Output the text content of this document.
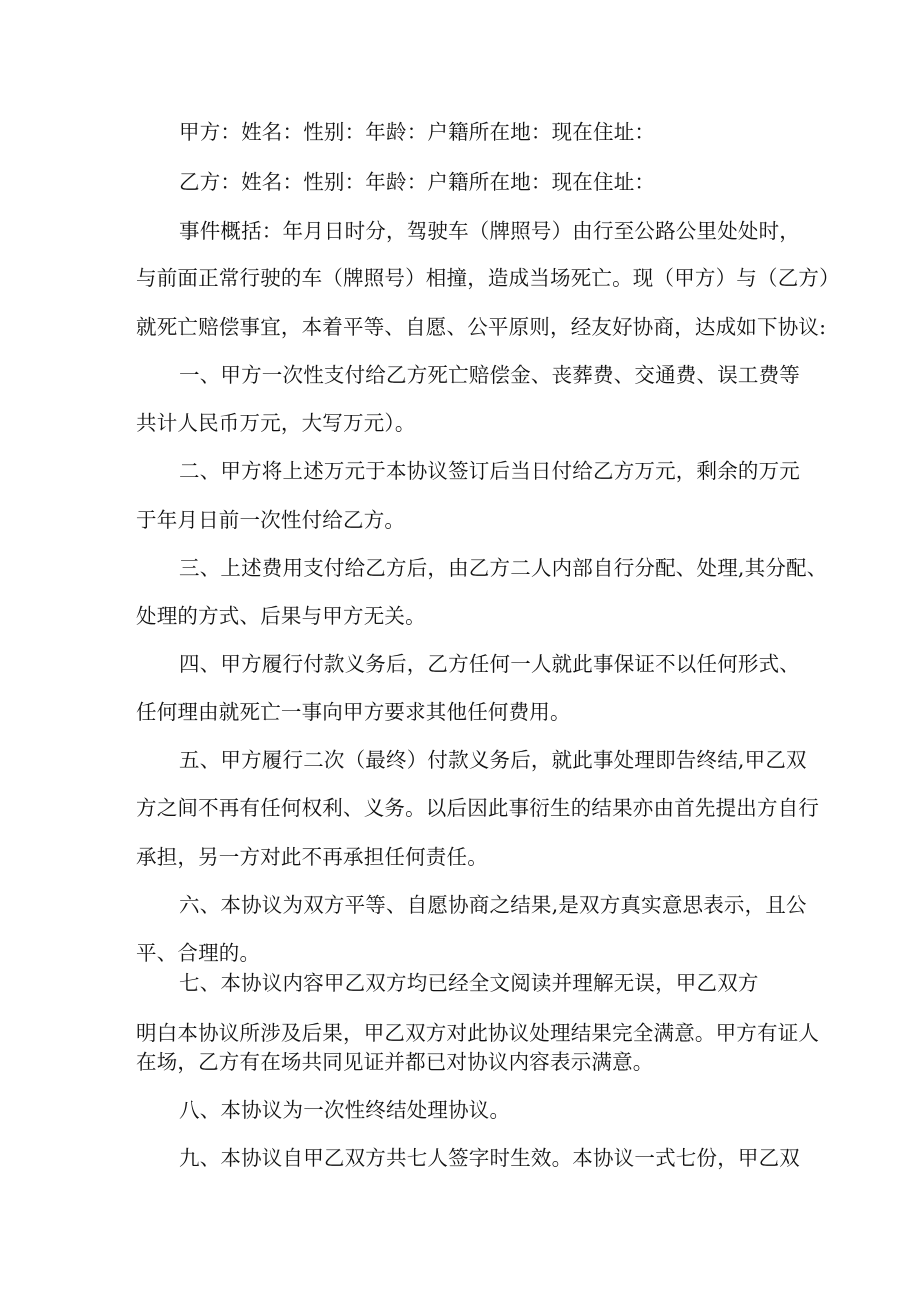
甲方：姓名：性别：年龄：户籍所在地：现在住址：
乙方：姓名：性别：年龄：户籍所在地：现在住址：
事件概括：年月日时分，驾驶车（牌照号）由行至公路公里处处时，
与前面正常行驶的车（牌照号）相撞，造成当场死亡。现（甲方）与（乙方）
就死亡赔偿事宜，本着平等、自愿、公平原则，经友好协商，达成如下协议:
一、甲方一次性支付给乙方死亡赔偿金、丧葬费、交通费、误工费等
共计人民币万元，大写万元）。
二、甲方将上述万元于本协议签订后当日付给乙方万元，剩余的万元
于年月日前一次性付给乙方。
三、上述费用支付给乙方后，由乙方二人内部自行分配、处理,其分配、
处理的方式、后果与甲方无关。
四、甲方履行付款义务后，乙方任何一人就此事保证不以任何形式、
任何理由就死亡一事向甲方要求其他任何费用。
五、甲方履行二次（最终）付款义务后，就此事处理即告终结,甲乙双
方之间不再有任何权利、义务。以后因此事衍生的结果亦由首先提出方自行
承担，另一方对此不再承担任何责任。
六、本协议为双方平等、自愿协商之结果,是双方真实意思表示，且公
平、合理的。
七、本协议内容甲乙双方均已经全文阅读并理解无误，甲乙双方
明白本协议所涉及后果，甲乙双方对此协议处理结果完全满意。甲方有证人
在场，乙方有在场共同见证并都已对协议内容表示满意。
八、本协议为一次性终结处理协议。
九、本协议自甲乙双方共七人签字时生效。本协议一式七份，甲乙双
